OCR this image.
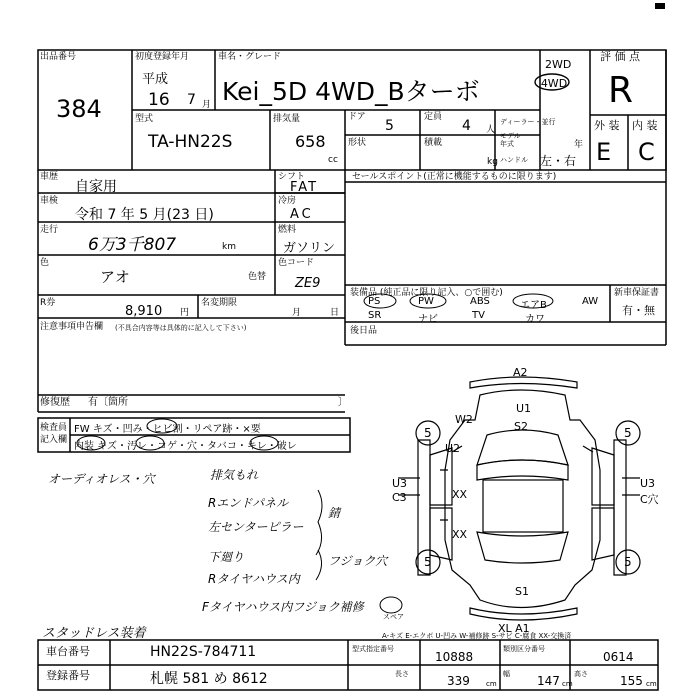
出品番号
384
初度登録年月
平成
16 7 月
車名・グレード
Kei_5D 4WD_Bターボ
2WD
4WD
評 価 点
R
型式
TA-HN22S
排気量
658
cc
ドア
5
定員
4 人
形状	積載
kg
ディーラー・並行
モデル年式	年
ハンドル 左・右
外 装 内 装
E C
車歴
自家用
車検
令和 7 年 5 月(23 日)
走行
6万3千807	km
色
アオ	色替
色コード
ZE9
R券
8,910 円
名変期限
月	日
注意事項申告欄 (不具合内容等は具体的に記入して下さい)
修復歴 有〔箇所	〕
シフト
FAT
冷房
AC
燃料
ガソリン
セールスポイント(正常に機能するものに限ります)
装備品 (純正品に限り記入、○で囲む)	新車保証書
PS	PW	ABS	エアB	AW
SR	ナビ	TV	カワ
有・無
後日品
検査員記入欄
FW キズ・凹み・ヒビ割・リペア跡・×要
内装 キズ・汚レ・コゲ・穴・タバコ・キレ・破レ
オーディオレス・穴	排気もれ
Rエンドパネル
左センターピラー
錆
下廻り
Rタイヤハウス内
フジョク穴
Fタイヤハウス内フジョク補修
スペア
スタッドレス装着
A2
U1
S2
W2
U2
XX
XX
U3
C3
U3
C穴
S1
XL A1
5	5
5	5
A-キズ E-エクボ U-凹み W-補修跡 S-サビ C-腐食 XX-交換済
車台番号	HN22S-784711
登録番号	札幌 581 め 8612
型式指定番号
10888
類別区分番号
0614
長さ	339 cm
幅 147 cm
高さ	155 cm
